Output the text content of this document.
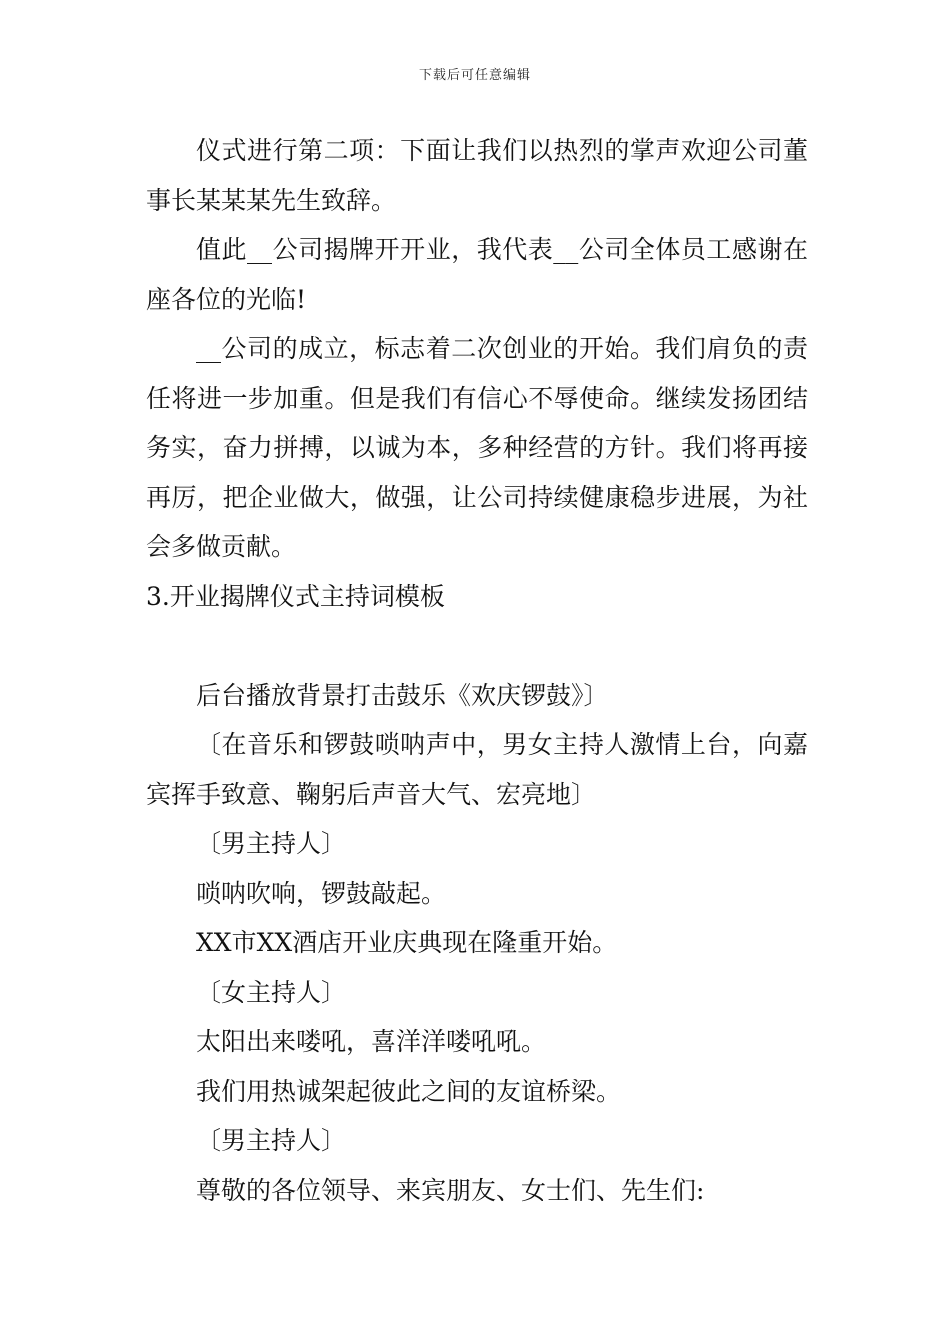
下载后可任意编辑

仪式进行第二项：下面让我们以热烈的掌声欢迎公司董事长某某某先生致辞。

值此__公司揭牌开开业，我代表__公司全体员工感谢在座各位的光临!

__公司的成立，标志着二次创业的开始。我们肩负的责任将进一步加重。但是我们有信心不辱使命。继续发扬团结务实，奋力拼搏，以诚为本，多种经营的方针。我们将再接再厉，把企业做大，做强，让公司持续健康稳步进展，为社会多做贡献。

3.开业揭牌仪式主持词模板

后台播放背景打击鼓乐《欢庆锣鼓》〕

〔在音乐和锣鼓唢呐声中，男女主持人激情上台，向嘉宾挥手致意、鞠躬后声音大气、宏亮地〕

〔男主持人〕

唢呐吹响，锣鼓敲起。

XX市XX酒店开业庆典现在隆重开始。

〔女主持人〕

太阳出来喽吼，喜洋洋喽吼吼。

我们用热诚架起彼此之间的友谊桥梁。

〔男主持人〕

尊敬的各位领导、来宾朋友、女士们、先生们:
